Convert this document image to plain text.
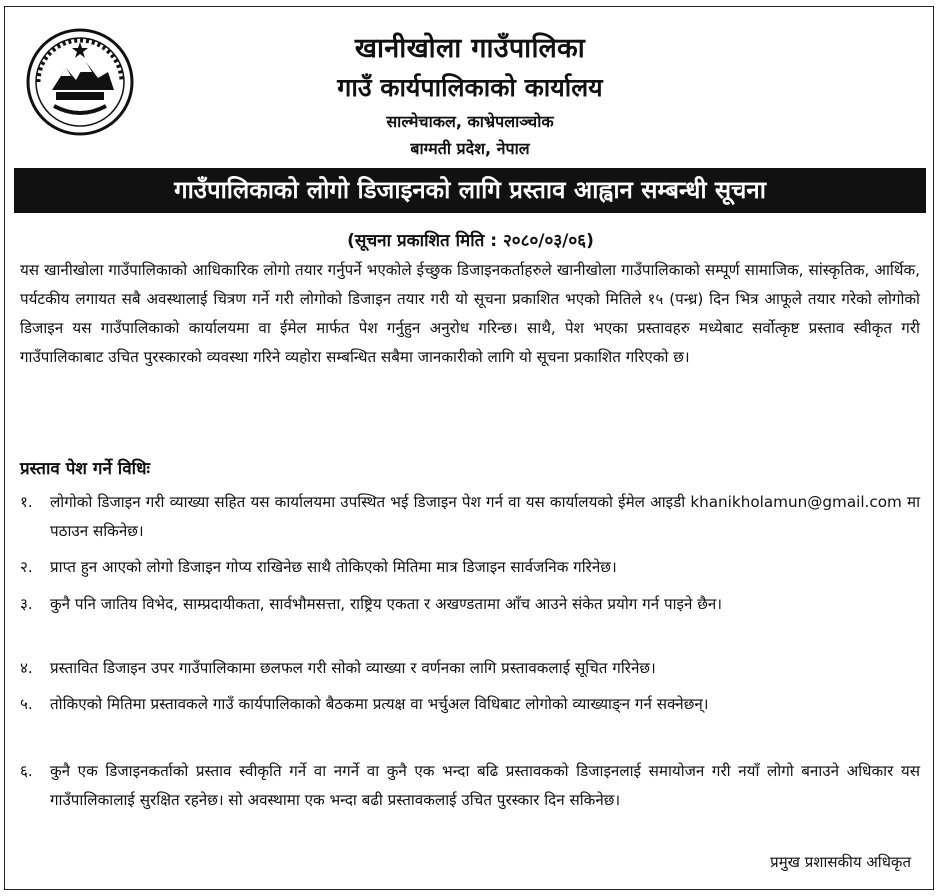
खानीखोला गाउँपालिका
गाउँ कार्यपालिकाको कार्यालय
साल्मेचाकल, काभ्रेपलाञ्चोक
बाग्मती प्रदेश, नेपाल
गाउँपालिकाको लोगो डिजाइनको लागि प्रस्ताव आह्वान सम्बन्धी सूचना
(सूचना प्रकाशित मिति : २०८०/०३/०६)
यस खानीखोला गाउँपालिकाको आधिकारिक लोगो तयार गर्नुपर्ने भएकोले ईच्छुक डिजाइनकर्ताहरुले खानीखोला गाउँपालिकाको सम्पूर्ण सामाजिक, सांस्कृतिक, आर्थिक, पर्यटकीय लगायत सबै अवस्थालाई चित्रण गर्ने गरी लोगोको डिजाइन तयार गरी यो सूचना प्रकाशित भएको मितिले १५ (पन्ध्र) दिन भित्र आफूले तयार गरेको लोगोको डिजाइन यस गाउँपालिकाको कार्यालयमा वा ईमेल मार्फत पेश गर्नुहुन अनुरोध गरिन्छ। साथै, पेश भएका प्रस्तावहरु मध्येबाट सर्वोत्कृष्ट प्रस्ताव स्वीकृत गरी गाउँपालिकाबाट उचित पुरस्कारको व्यवस्था गरिने व्यहोरा सम्बन्धित सबैमा जानकारीको लागि यो सूचना प्रकाशित गरिएको छ।
प्रस्ताव पेश गर्ने विधिः
१.	लोगोको डिजाइन गरी व्याख्या सहित यस कार्यालयमा उपस्थित भई डिजाइन पेश गर्न वा यस कार्यालयको ईमेल आइडी khanikholamun@gmail.com मा पठाउन सकिनेछ।
२.	प्राप्त हुन आएको लोगो डिजाइन गोप्य राखिनेछ साथै तोकिएको मितिमा मात्र डिजाइन सार्वजनिक गरिनेछ।
३.	कुनै पनि जातिय विभेद, साम्प्रदायीकता, सार्वभौमसत्ता, राष्ट्रिय एकता र अखण्डतामा आँच आउने संकेत प्रयोग गर्न पाइने छैन।
४.	प्रस्तावित डिजाइन उपर गाउँपालिकामा छलफल गरी सोको व्याख्या र वर्णनका लागि प्रस्तावकलाई सूचित गरिनेछ।
५.	तोकिएको मितिमा प्रस्तावकले गाउँ कार्यपालिकाको बैठकमा प्रत्यक्ष वा भर्चुअल विधिबाट लोगोको व्याख्याङ्न गर्न सक्नेछन्।
६.	कुनै एक डिजाइनकर्ताको प्रस्ताव स्वीकृति गर्ने वा नगर्ने वा कुनै एक भन्दा बढि प्रस्तावकको डिजाइनलाई समायोजन गरी नयाँ लोगो बनाउने अधिकार यस गाउँपालिकालाई सुरक्षित रहनेछ। सो अवस्थामा एक भन्दा बढी प्रस्तावकलाई उचित पुरस्कार दिन सकिनेछ।
प्रमुख प्रशासकीय अधिकृत
